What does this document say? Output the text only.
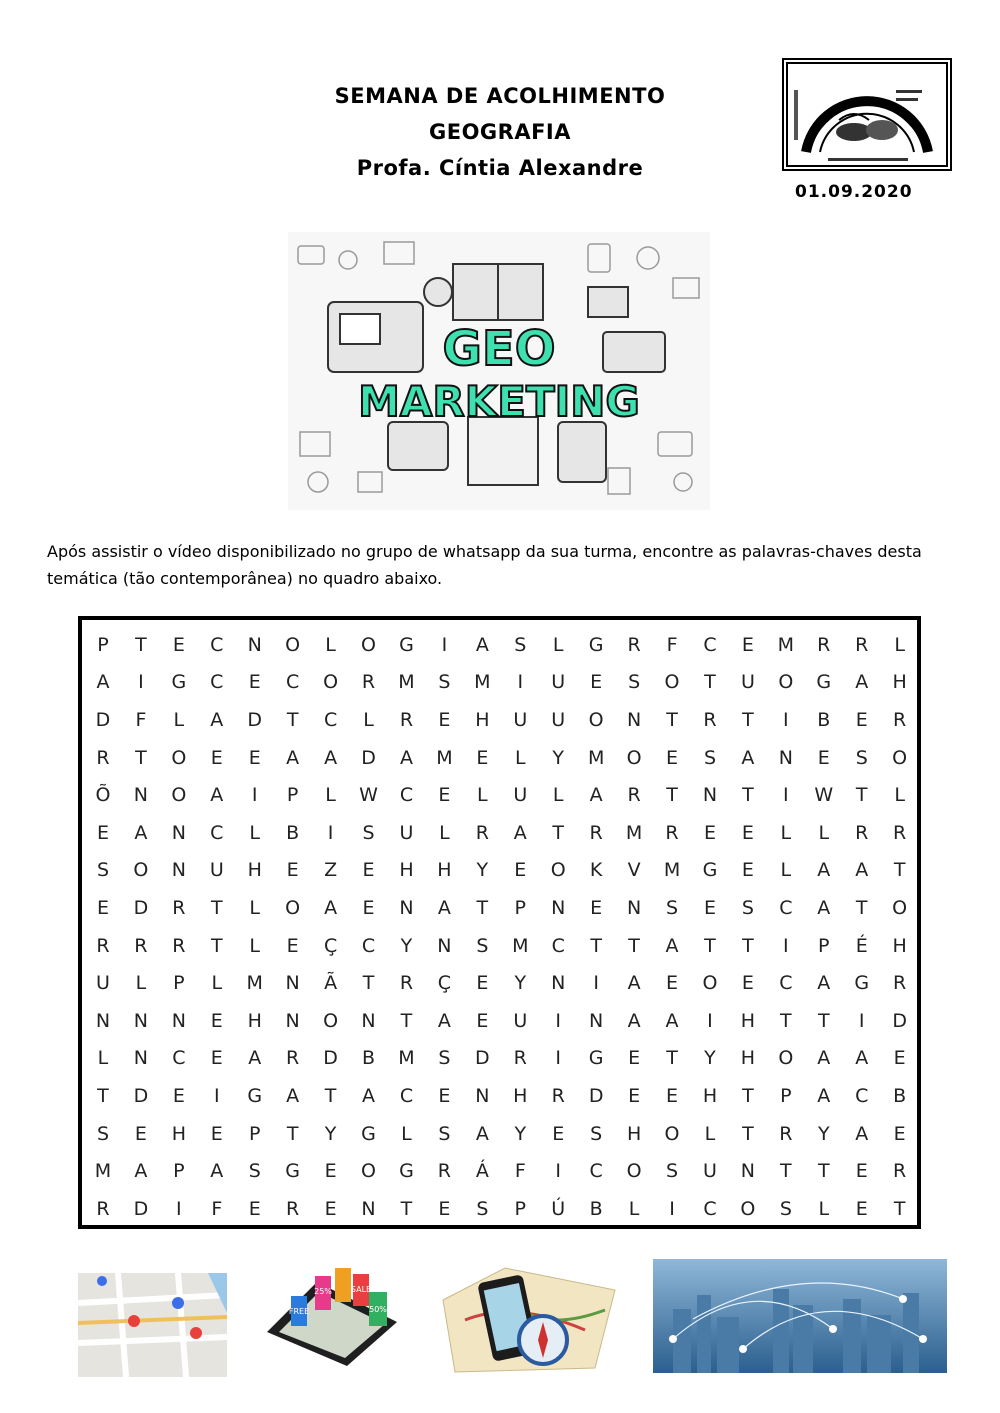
SEMANA DE ACOLHIMENTO
GEOGRAFIA
Profa. Cíntia Alexandre
01.09.2020
GEO
MARKETING
Após assistir o vídeo disponibilizado no grupo de whatsapp da sua turma, encontre as palavras-chaves desta temática (tão contemporânea) no quadro abaixo.
P	T	E	C	N	O	L	O	G	I	A	S	L	G	R	F	C	E	M	R	R	L
A	I	G	C	E	C	O	R	M	S	M	I	U	E	S	O	T	U	O	G	A	H
D	F	L	A	D	T	C	L	R	E	H	U	U	O	N	T	R	T	I	B	E	R
R	T	O	E	E	A	A	D	A	M	E	L	Y	M	O	E	S	A	N	E	S	O
Õ	N	O	A	I	P	L	W	C	E	L	U	L	A	R	T	N	T	I	W	T	L
E	A	N	C	L	B	I	S	U	L	R	A	T	R	M	R	E	E	L	L	R	R
S	O	N	U	H	E	Z	E	H	H	Y	E	O	K	V	M	G	E	L	A	A	T
E	D	R	T	L	O	A	E	N	A	T	P	N	E	N	S	E	S	C	A	T	O
R	R	R	T	L	E	Ç	C	Y	N	S	M	C	T	T	A	T	T	I	P	É	H
U	L	P	L	M	N	Ã	T	R	Ç	E	Y	N	I	A	E	O	E	C	A	G	R
N	N	N	E	H	N	O	N	T	A	E	U	I	N	A	A	I	H	T	T	I	D
L	N	C	E	A	R	D	B	M	S	D	R	I	G	E	T	Y	H	O	A	A	E
T	D	E	I	G	A	T	A	C	E	N	H	R	D	E	E	H	T	P	A	C	B
S	E	H	E	P	T	Y	G	L	S	A	Y	E	S	H	O	L	T	R	Y	A	E
M	A	P	A	S	G	E	O	G	R	Á	F	I	C	O	S	U	N	T	T	E	R
R	D	I	F	E	R	E	N	T	E	S	P	Ú	B	L	I	C	O	S	L	E	T
FREE
25% SALE
50%
